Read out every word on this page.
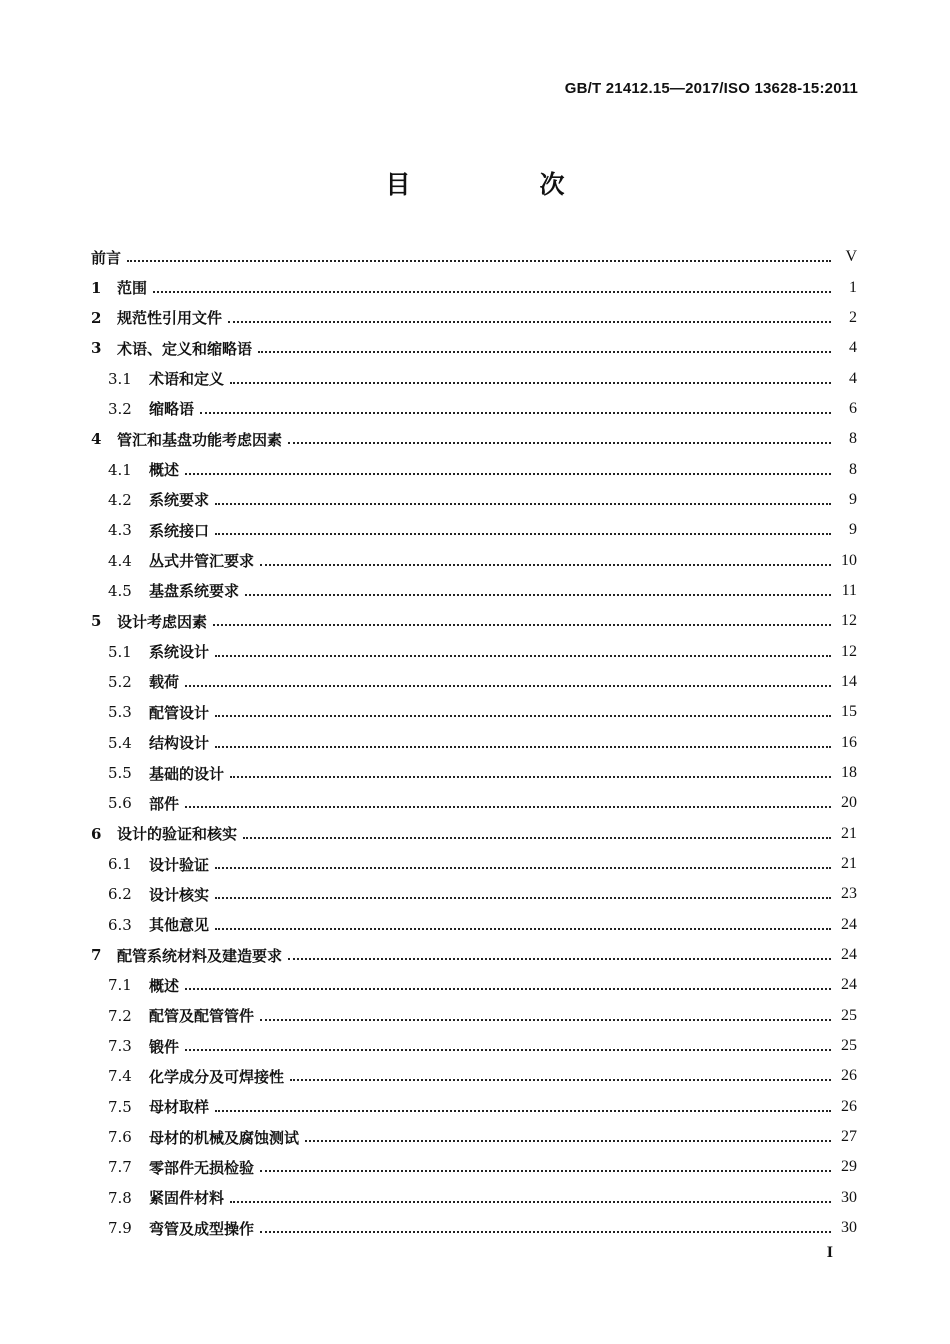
GB/T 21412.15—2017/ISO 13628-15:2011
目　次
前言	V
1	范围	1
2	规范性引用文件	2
3	术语、定义和缩略语	4
3.1	术语和定义	4
3.2	缩略语	6
4	管汇和基盘功能考虑因素	8
4.1	概述	8
4.2	系统要求	9
4.3	系统接口	9
4.4	丛式井管汇要求	10
4.5	基盘系统要求	11
5	设计考虑因素	12
5.1	系统设计	12
5.2	载荷	14
5.3	配管设计	15
5.4	结构设计	16
5.5	基础的设计	18
5.6	部件	20
6	设计的验证和核实	21
6.1	设计验证	21
6.2	设计核实	23
6.3	其他意见	24
7	配管系统材料及建造要求	24
7.1	概述	24
7.2	配管及配管管件	25
7.3	锻件	25
7.4	化学成分及可焊接性	26
7.5	母材取样	26
7.6	母材的机械及腐蚀测试	27
7.7	零部件无损检验	29
7.8	紧固件材料	30
7.9	弯管及成型操作	30
I
